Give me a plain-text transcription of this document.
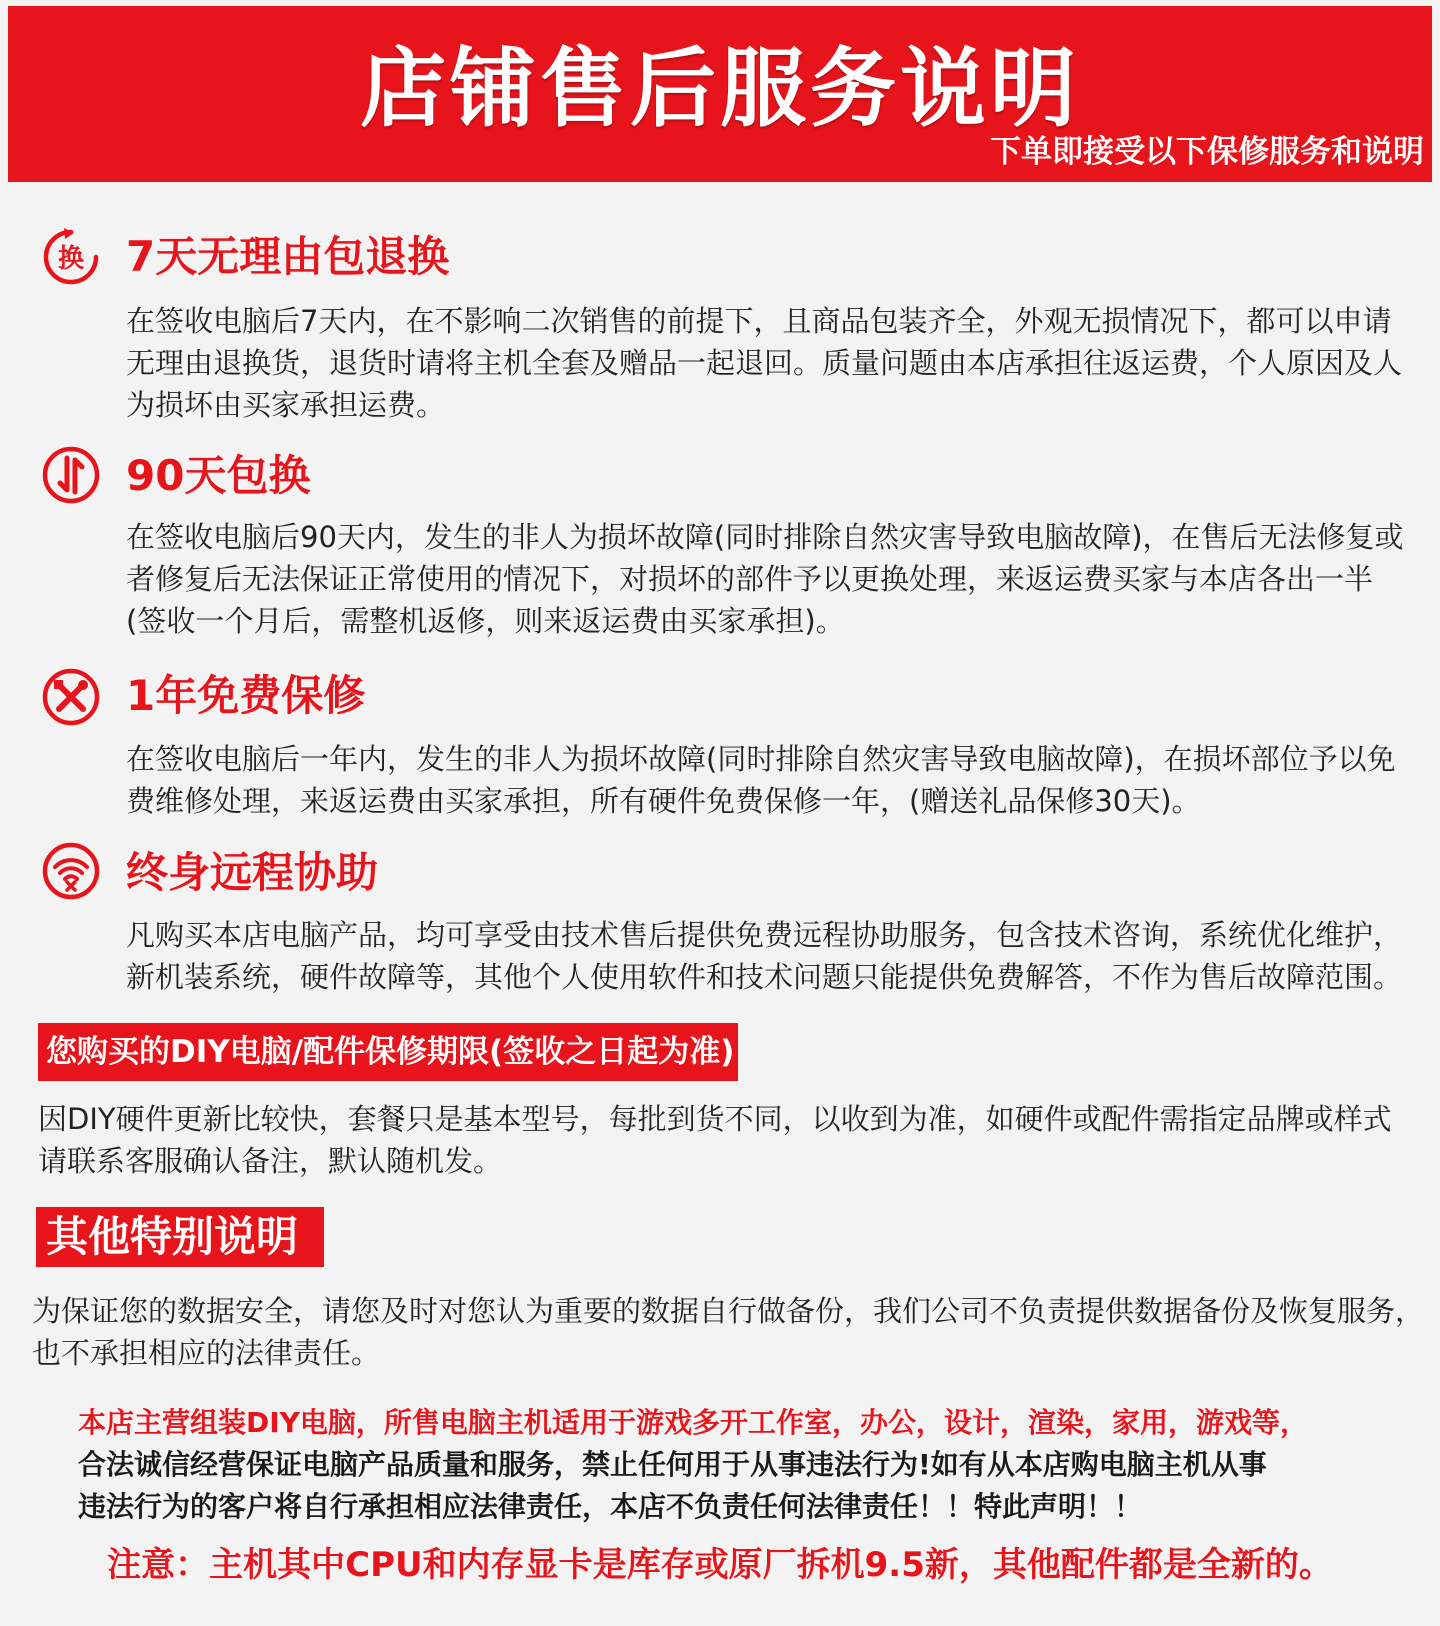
店铺售后服务说明
下单即接受以下保修服务和说明
换 7天无理由包退换
在签收电脑后7天内，在不影响二次销售的前提下，且商品包装齐全，外观无损情况下，都可以申请
无理由退换货，退货时请将主机全套及赠品一起退回。质量问题由本店承担往返运费，个人原因及人
为损坏由买家承担运费。
90天包换
在签收电脑后90天内，发生的非人为损坏故障(同时排除自然灾害导致电脑故障)，在售后无法修复或
者修复后无法保证正常使用的情况下，对损坏的部件予以更换处理，来返运费买家与本店各出一半
(签收一个月后，需整机返修，则来返运费由买家承担)。
1年免费保修
在签收电脑后一年内，发生的非人为损坏故障(同时排除自然灾害导致电脑故障)，在损坏部位予以免
费维修处理，来返运费由买家承担，所有硬件免费保修一年，(赠送礼品保修30天)。
终身远程协助
凡购买本店电脑产品，均可享受由技术售后提供免费远程协助服务，包含技术咨询，系统优化维护，
新机装系统，硬件故障等，其他个人使用软件和技术问题只能提供免费解答，不作为售后故障范围。
您购买的DIY电脑/配件保修期限(签收之日起为准)
因DIY硬件更新比较快，套餐只是基本型号，每批到货不同，以收到为准，如硬件或配件需指定品牌或样式
请联系客服确认备注，默认随机发。
其他特别说明
为保证您的数据安全，请您及时对您认为重要的数据自行做备份，我们公司不负责提供数据备份及恢复服务，
也不承担相应的法律责任。
本店主营组装DIY电脑，所售电脑主机适用于游戏多开工作室，办公，设计，渲染，家用，游戏等，
合法诚信经营保证电脑产品质量和服务，禁止任何用于从事违法行为!如有从本店购电脑主机从事
违法行为的客户将自行承担相应法律责任，本店不负责任何法律责任！！特此声明！！
注意：主机其中CPU和内存显卡是库存或原厂拆机9.5新，其他配件都是全新的。
